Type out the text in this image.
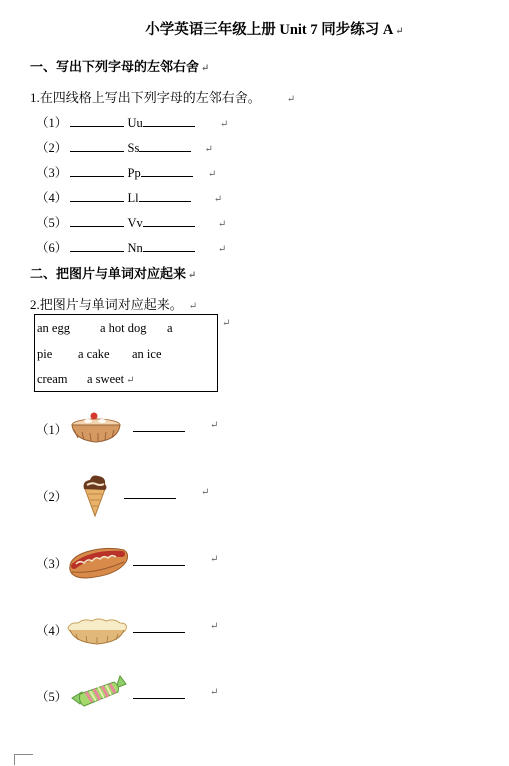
小学英语三年级上册 Unit 7 同步练习 A ↵
一、写出下列字母的左邻右舍 ↵
1.在四线格上写出下列字母的左邻右舍。	↵
（1）	Uu	↵
（2）	Ss	↵
（3）	Pp	↵
（4）	Ll	↵
（5）	Vv	↵
（6）	Nn	↵
二、把图片与单词对应起来 ↵
2.把图片与单词对应起来。 ↵
an egg a hot dog a
pie a cake an ice
cream a sweet ↵
↵
（1）	↵
（2）	↵
（3）	↵
（4）	↵
（5）	↵
